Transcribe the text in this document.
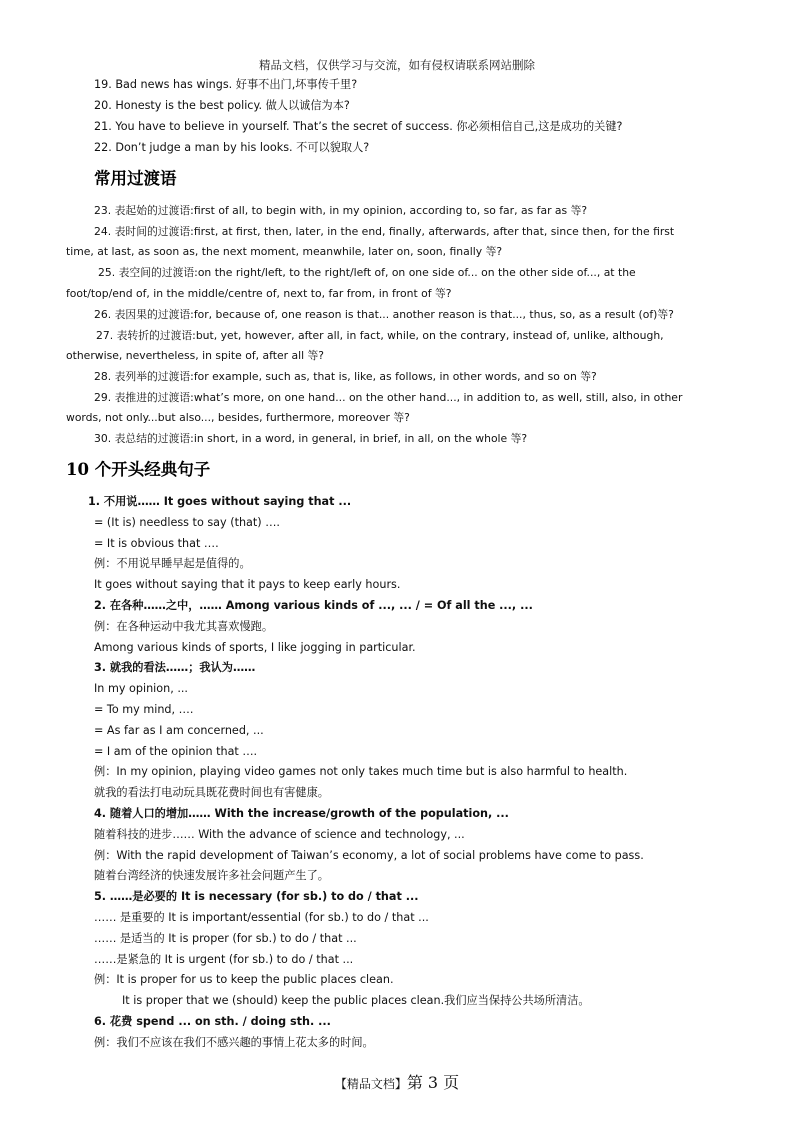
精品文档，仅供学习与交流，如有侵权请联系网站删除
19. Bad news has wings. 好事不出门,坏事传千里?
20. Honesty is the best policy. 做人以诚信为本?
21. You have to believe in yourself. That’s the secret of success. 你必须相信自己,这是成功的关键?
22. Don’t judge a man by his looks. 不可以貌取人?
常用过渡语
23. 表起始的过渡语:first of all, to begin with, in my opinion, according to, so far, as far as 等?
24. 表时间的过渡语:first, at first, then, later, in the end, finally, afterwards, after that, since then, for the first
time, at last, as soon as, the next moment, meanwhile, later on, soon, finally 等?
25. 表空间的过渡语:on the right/left, to the right/left of, on one side of... on the other side of..., at the
foot/top/end of, in the middle/centre of, next to, far from, in front of 等?
26. 表因果的过渡语:for, because of, one reason is that... another reason is that..., thus, so, as a result (of)等?
27. 表转折的过渡语:but, yet, however, after all, in fact, while, on the contrary, instead of, unlike, although,
otherwise, nevertheless, in spite of, after all 等?
28. 表列举的过渡语:for example, such as, that is, like, as follows, in other words, and so on 等?
29. 表推进的过渡语:what’s more, on one hand... on the other hand..., in addition to, as well, still, also, in other
words, not only...but also..., besides, furthermore, moreover 等?
30. 表总结的过渡语:in short, in a word, in general, in brief, in all, on the whole 等?
10 个开头经典句子
1. 不用说…… It goes without saying that ...
= (It is) needless to say (that) ….
= It is obvious that ….
例：不用说早睡早起是值得的。
It goes without saying that it pays to keep early hours.
2. 在各种……之中，…… Among various kinds of ..., ... / = Of all the ..., ...
例：在各种运动中我尤其喜欢慢跑。
Among various kinds of sports, I like jogging in particular.
3. 就我的看法……；我认为……
In my opinion, ...
= To my mind, ….
= As far as I am concerned, ...
= I am of the opinion that ….
例：In my opinion, playing video games not only takes much time but is also harmful to health.
就我的看法打电动玩具既花费时间也有害健康。
4. 随着人口的增加…… With the increase/growth of the population, ...
随着科技的进步…… With the advance of science and technology, ...
例：With the rapid development of Taiwan’s economy, a lot of social problems have come to pass.
随着台湾经济的快速发展许多社会问题产生了。
5. ……是必要的 It is necessary (for sb.) to do / that ...
…… 是重要的 It is important/essential (for sb.) to do / that ...
…… 是适当的 It is proper (for sb.) to do / that ...
……是紧急的 It is urgent (for sb.) to do / that ...
例：It is proper for us to keep the public places clean.
It is proper that we (should) keep the public places clean.我们应当保持公共场所清洁。
6. 花费 spend ... on sth. / doing sth. ...
例：我们不应该在我们不感兴趣的事情上花太多的时间。
【精品文档】第 3 页
